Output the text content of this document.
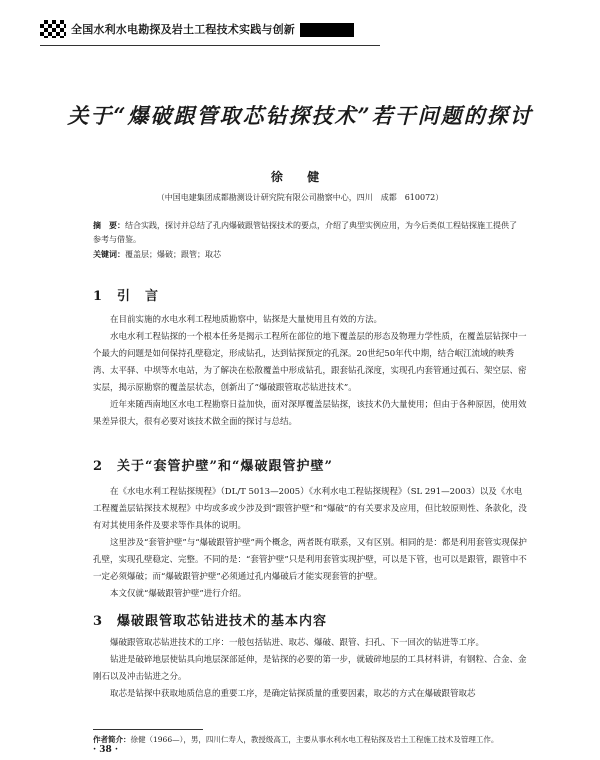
全国水利水电勘探及岩土工程技术实践与创新
关于“爆破跟管取芯钻探技术”若干问题的探讨
徐 健
（中国电建集团成都勘测设计研究院有限公司勘察中心，四川　成都　610072）

摘　要：结合实践，探讨并总结了孔内爆破跟管钻探技术的要点，介绍了典型实例应用，为今后类似工程钻探施工提供了参考与借鉴。

关键词：覆盖层；爆破；跟管；取芯

1　引　言

在目前实施的水电水利工程地质勘察中，钻探是大量使用且有效的方法。

水电水利工程钻探的一个根本任务是揭示工程所在部位的地下覆盖层的形态及物理力学性质，在覆盖层钻探中一个最大的问题是如何保持孔壁稳定，形成钻孔，达到钻探预定的孔深。20世纪50年代中期，结合岷江流域的映秀湾、太平驿、中坝等水电站，为了解决在松散覆盖中形成钻孔，跟套钻孔深度，实现孔内套管通过孤石、架空层、密实层，揭示原勘察的覆盖层状态，创新出了“爆破跟管取芯钻进技术”。

近年来随西南地区水电工程勘察日益加快，面对深厚覆盖层钻探，该技术仍大量使用；但由于各种原因，使用效果差异很大，很有必要对该技术做全面的探讨与总结。

2　关于“套管护壁”和“爆破跟管护壁”

在《水电水利工程钻探规程》（DL/T 5013—2005）《水利水电工程钻探规程》（SL 291—2003）以及《水电工程覆盖层钻探技术规程》中均或多或少涉及到“跟管护壁”和“爆破”的有关要求及应用，但比较原则性、条款化，没有对其使用条件及要求等作具体的说明。

这里涉及“套管护壁”与“爆破跟管护壁”两个概念，两者既有联系，又有区别。相同的是：都是利用套管实现保护孔壁，实现孔壁稳定、完整。不同的是：“套管护壁”只是利用套管实现护壁，可以是下管，也可以是跟管，跟管中不一定必须爆破；而“爆破跟管护壁”必须通过孔内爆破后才能实现套管的护壁。

本文仅就“爆破跟管护壁”进行介绍。

3　爆破跟管取芯钻进技术的基本内容

爆破跟管取芯钻进技术的工序：一般包括钻进、取芯、爆破、跟管、扫孔、下一回次的钻进等工序。

钻进是破碎地层使钻具向地层深部延伸，是钻探的必要的第一步，就破碎地层的工具材料讲，有钢粒、合金、金刚石以及冲击钻进之分。

取芯是钻探中获取地质信息的重要工序，是确定钻探质量的重要因素，取芯的方式在爆破跟管取芯

作者简介：徐健（1966—），男，四川仁寿人，教授级高工，主要从事水利水电工程钻探及岩土工程施工技术及管理工作。

· 38 ·
